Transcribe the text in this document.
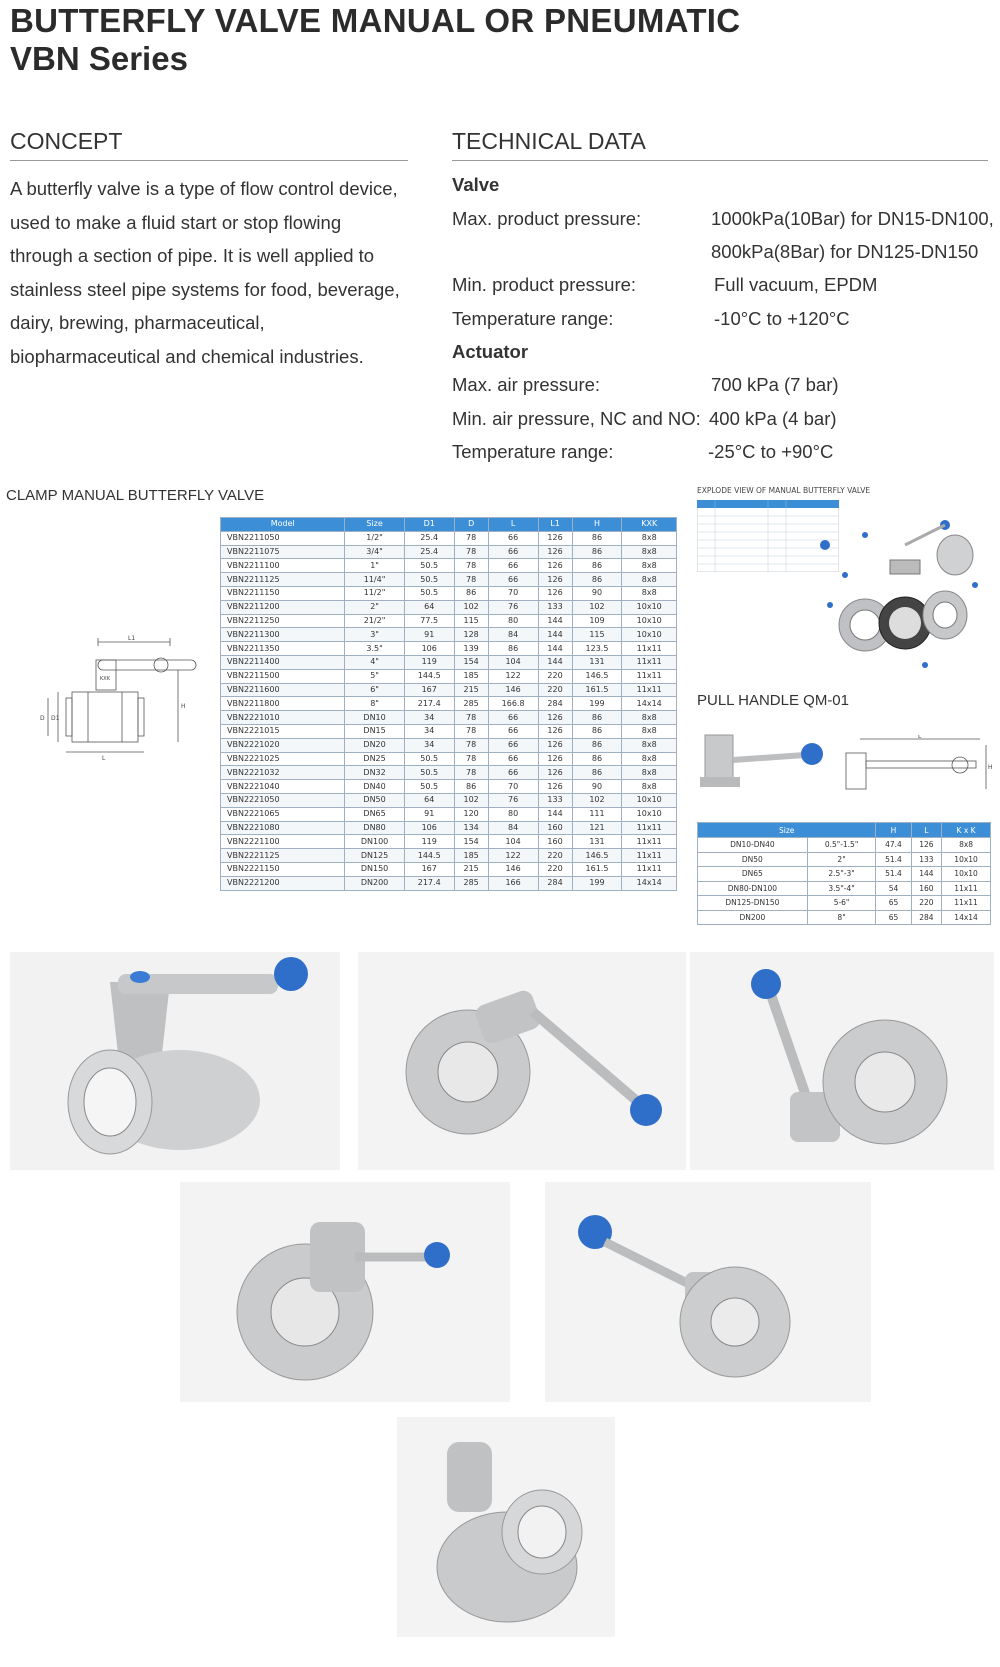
BUTTERFLY VALVE MANUAL OR PNEUMATIC
VBN Series
CONCEPT
A butterfly valve is a type of flow control device,
used to make a fluid start or stop flowing
through a section of pipe. It is well applied to
stainless steel pipe systems for food, beverage,
dairy, brewing, pharmaceutical,
biopharmaceutical and chemical industries.
TECHNICAL DATA
Valve
Max. product pressure:	1000kPa(10Bar) for DN15-DN100,
800kPa(8Bar) for DN125-DN150
Min. product pressure:	Full vacuum, EPDM
Temperature range:	-10°C to +120°C
Actuator
Max. air pressure:	700 kPa (7 bar)
Min. air pressure, NC and NO: 400 kPa (4 bar)
Temperature range:	-25°C to +90°C
CLAMP MANUAL BUTTERFLY VALVE
L1
KXK
H
D D1
L
Model	Size	D1	D	L	L1	H	KXK
VBN2211050	1/2"	25.4	78	66	126	86	8x8
VBN2211075	3/4"	25.4	78	66	126	86	8x8
VBN2211100	1"	50.5	78	66	126	86	8x8
VBN2211125	11/4"	50.5	78	66	126	86	8x8
VBN2211150	11/2"	50.5	86	70	126	90	8x8
VBN2211200	2"	64	102	76	133	102	10x10
VBN2211250	21/2"	77.5	115	80	144	109	10x10
VBN2211300	3"	91	128	84	144	115	10x10
VBN2211350	3.5"	106	139	86	144	123.5	11x11
VBN2211400	4"	119	154	104	144	131	11x11
VBN2211500	5"	144.5	185	122	220	146.5	11x11
VBN2211600	6"	167	215	146	220	161.5	11x11
VBN2211800	8"	217.4	285	166.8	284	199	14x14
VBN2221010	DN10	34	78	66	126	86	8x8
VBN2221015	DN15	34	78	66	126	86	8x8
VBN2221020	DN20	34	78	66	126	86	8x8
VBN2221025	DN25	50.5	78	66	126	86	8x8
VBN2221032	DN32	50.5	78	66	126	86	8x8
VBN2221040	DN40	50.5	86	70	126	90	8x8
VBN2221050	DN50	64	102	76	133	102	10x10
VBN2221065	DN65	91	120	80	144	111	10x10
VBN2221080	DN80	106	134	84	160	121	11x11
VBN2221100	DN100	119	154	104	160	131	11x11
VBN2221125	DN125	144.5	185	122	220	146.5	11x11
VBN2221150	DN150	167	215	146	220	161.5	11x11
VBN2221200	DN200	217.4	285	166	284	199	14x14
EXPLODE VIEW OF MANUAL BUTTERFLY VALVE
PULL HANDLE QM-01
L
H
Size		H	L	K x K
DN10-DN40	0.5"-1.5"	47.4	126	8x8
DN50	2"	51.4	133	10x10
DN65	2.5"-3"	51.4	144	10x10
DN80-DN100	3.5"-4"	54	160	11x11
DN125-DN150	5-6"	65	220	11x11
DN200	8"	65	284	14x14
